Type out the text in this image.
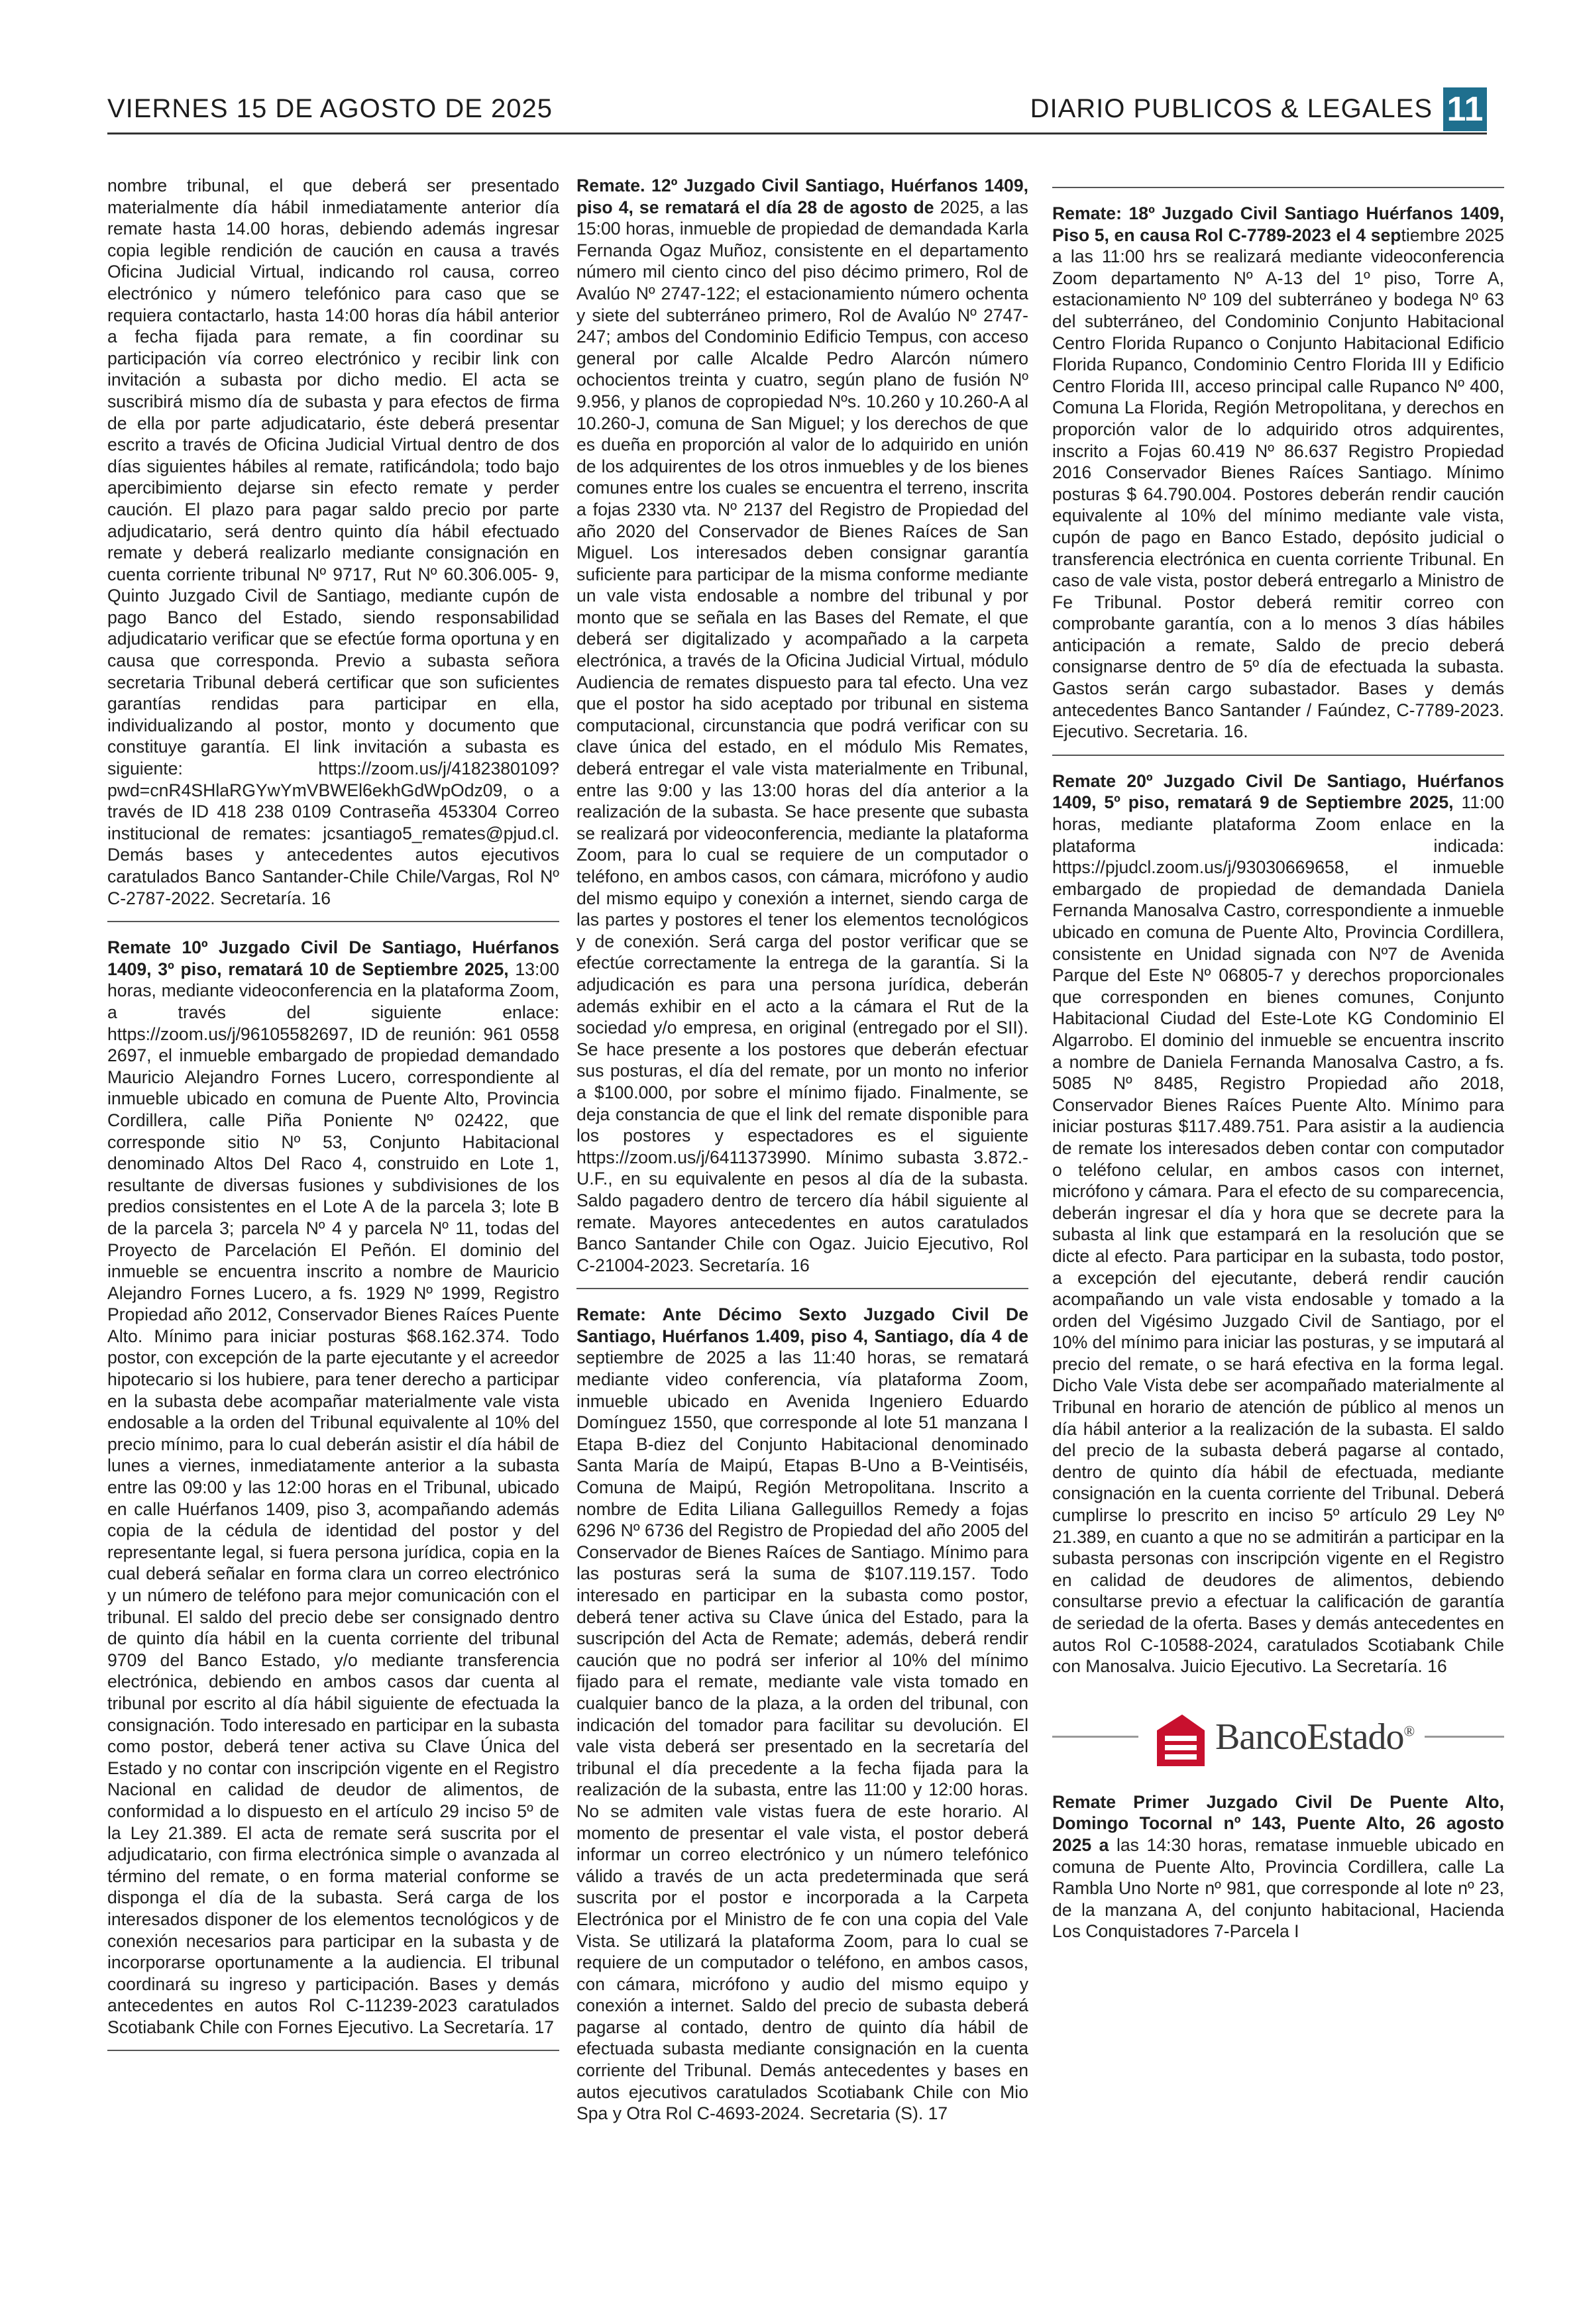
VIERNES 15 DE AGOSTO DE 2025	DIARIO PUBLICOS & LEGALES 11

nombre tribunal, el que deberá ser presentado materialmente día hábil inmediatamente anterior día remate hasta 14.00 horas, debiendo además ingresar copia legible rendición de caución en causa a través Oficina Judicial Virtual, indicando rol causa, correo electrónico y número telefónico para caso que se requiera contactarlo, hasta 14:00 horas día hábil anterior a fecha fijada para remate, a fin coordinar su participación vía correo electrónico y recibir link con invitación a subasta por dicho medio. El acta se suscribirá mismo día de subasta y para efectos de firma de ella por parte adjudicatario, éste deberá presentar escrito a través de Oficina Judicial Virtual dentro de dos días siguientes hábiles al remate, ratificándola; todo bajo apercibimiento dejarse sin efecto remate y perder caución. El plazo para pagar saldo precio por parte adjudicatario, será dentro quinto día hábil efectuado remate y deberá realizarlo mediante consignación en cuenta corriente tribunal Nº 9717, Rut Nº 60.306.005- 9, Quinto Juzgado Civil de Santiago, mediante cupón de pago Banco del Estado, siendo responsabilidad adjudicatario verificar que se efectúe forma oportuna y en causa que corresponda. Previo a subasta señora secretaria Tribunal deberá certificar que son suficientes garantías rendidas para participar en ella, individualizando al postor, monto y documento que constituye garantía. El link invitación a subasta es siguiente: https://zoom.us/j/4182380109?pwd=cnR4SHlaRGYwYmVBWEl6ekhGdWpOdz09, o a través de ID 418 238 0109 Contraseña 453304 Correo institucional de remates: jcsantiago5_remates@pjud.cl. Demás bases y antecedentes autos ejecutivos caratulados Banco Santander-Chile Chile/Vargas, Rol Nº C-2787-2022. Secretaría. 16

Remate 10º Juzgado Civil De Santiago, Huérfanos 1409, 3º piso, rematará 10 de Septiembre 2025, 13:00 horas, mediante videoconferencia en la plataforma Zoom, a través del siguiente enlace: https://zoom.us/j/96105582697, ID de reunión: 961 0558 2697, el inmueble embargado de propiedad demandado Mauricio Alejandro Fornes Lucero, correspondiente al inmueble ubicado en comuna de Puente Alto, Provincia Cordillera, calle Piña Poniente Nº 02422, que corresponde sitio Nº 53, Conjunto Habitacional denominado Altos Del Raco 4, construido en Lote 1, resultante de diversas fusiones y subdivisiones de los predios consistentes en el Lote A de la parcela 3; lote B de la parcela 3; parcela Nº 4 y parcela Nº 11, todas del Proyecto de Parcelación El Peñón. El dominio del inmueble se encuentra inscrito a nombre de Mauricio Alejandro Fornes Lucero, a fs. 1929 Nº 1999, Registro Propiedad año 2012, Conservador Bienes Raíces Puente Alto. Mínimo para iniciar posturas $68.162.374. Todo postor, con excepción de la parte ejecutante y el acreedor hipotecario si los hubiere, para tener derecho a participar en la subasta debe acompañar materialmente vale vista endosable a la orden del Tribunal equivalente al 10% del precio mínimo, para lo cual deberán asistir el día hábil de lunes a viernes, inmediatamente anterior a la subasta entre las 09:00 y las 12:00 horas en el Tribunal, ubicado en calle Huérfanos 1409, piso 3, acompañando además copia de la cédula de identidad del postor y del representante legal, si fuera persona jurídica, copia en la cual deberá señalar en forma clara un correo electrónico y un número de teléfono para mejor comunicación con el tribunal. El saldo del precio debe ser consignado dentro de quinto día hábil en la cuenta corriente del tribunal 9709 del Banco Estado, y/o mediante transferencia electrónica, debiendo en ambos casos dar cuenta al tribunal por escrito al día hábil siguiente de efectuada la consignación. Todo interesado en participar en la subasta como postor, deberá tener activa su Clave Única del Estado y no contar con inscripción vigente en el Registro Nacional en calidad de deudor de alimentos, de conformidad a lo dispuesto en el artículo 29 inciso 5º de la Ley 21.389. El acta de remate será suscrita por el adjudicatario, con firma electrónica simple o avanzada al término del remate, o en forma material conforme se disponga el día de la subasta. Será carga de los interesados disponer de los elementos tecnológicos y de conexión necesarios para participar en la subasta y de incorporarse oportunamente a la audiencia. El tribunal coordinará su ingreso y participación. Bases y demás antecedentes en autos Rol C-11239-2023 caratulados Scotiabank Chile con Fornes Ejecutivo. La Secretaría. 17

Remate. 12º Juzgado Civil Santiago, Huérfanos 1409, piso 4, se rematará el día 28 de agosto de 2025, a las 15:00 horas, inmueble de propiedad de demandada Karla Fernanda Ogaz Muñoz, consistente en el departamento número mil ciento cinco del piso décimo primero, Rol de Avalúo Nº 2747-122; el estacionamiento número ochenta y siete del subterráneo primero, Rol de Avalúo Nº 2747-247; ambos del Condominio Edificio Tempus, con acceso general por calle Alcalde Pedro Alarcón número ochocientos treinta y cuatro, según plano de fusión Nº 9.956, y planos de copropiedad Nºs. 10.260 y 10.260-A al 10.260-J, comuna de San Miguel; y los derechos de que es dueña en proporción al valor de lo adquirido en unión de los adquirentes de los otros inmuebles y de los bienes comunes entre los cuales se encuentra el terreno, inscrita a fojas 2330 vta. Nº 2137 del Registro de Propiedad del año 2020 del Conservador de Bienes Raíces de San Miguel. Los interesados deben consignar garantía suficiente para participar de la misma conforme mediante un vale vista endosable a nombre del tribunal y por monto que se señala en las Bases del Remate, el que deberá ser digitalizado y acompañado a la carpeta electrónica, a través de la Oficina Judicial Virtual, módulo Audiencia de remates dispuesto para tal efecto. Una vez que el postor ha sido aceptado por tribunal en sistema computacional, circunstancia que podrá verificar con su clave única del estado, en el módulo Mis Remates, deberá entregar el vale vista materialmente en Tribunal, entre las 9:00 y las 13:00 horas del día anterior a la realización de la subasta. Se hace presente que subasta se realizará por videoconferencia, mediante la plataforma Zoom, para lo cual se requiere de un computador o teléfono, en ambos casos, con cámara, micrófono y audio del mismo equipo y conexión a internet, siendo carga de las partes y postores el tener los elementos tecnológicos y de conexión. Será carga del postor verificar que se efectúe correctamente la entrega de la garantía. Si la adjudicación es para una persona jurídica, deberán además exhibir en el acto a la cámara el Rut de la sociedad y/o empresa, en original (entregado por el SII). Se hace presente a los postores que deberán efectuar sus posturas, el día del remate, por un monto no inferior a $100.000, por sobre el mínimo fijado. Finalmente, se deja constancia de que el link del remate disponible para los postores y espectadores es el siguiente https://zoom.us/j/6411373990. Mínimo subasta 3.872.- U.F., en su equivalente en pesos al día de la subasta. Saldo pagadero dentro de tercero día hábil siguiente al remate. Mayores antecedentes en autos caratulados Banco Santander Chile con Ogaz. Juicio Ejecutivo, Rol C-21004-2023. Secretaría. 16

Remate: Ante Décimo Sexto Juzgado Civil De Santiago, Huérfanos 1.409, piso 4, Santiago, día 4 de septiembre de 2025 a las 11:40 horas, se rematará mediante video conferencia, vía plataforma Zoom, inmueble ubicado en Avenida Ingeniero Eduardo Domínguez 1550, que corresponde al lote 51 manzana I Etapa B-diez del Conjunto Habitacional denominado Santa María de Maipú, Etapas B-Uno a B-Veintiséis, Comuna de Maipú, Región Metropolitana. Inscrito a nombre de Edita Liliana Galleguillos Remedy a fojas 6296 Nº 6736 del Registro de Propiedad del año 2005 del Conservador de Bienes Raíces de Santiago. Mínimo para las posturas será la suma de $107.119.157. Todo interesado en participar en la subasta como postor, deberá tener activa su Clave única del Estado, para la suscripción del Acta de Remate; además, deberá rendir caución que no podrá ser inferior al 10% del mínimo fijado para el remate, mediante vale vista tomado en cualquier banco de la plaza, a la orden del tribunal, con indicación del tomador para facilitar su devolución. El vale vista deberá ser presentado en la secretaría del tribunal el día precedente a la fecha fijada para la realización de la subasta, entre las 11:00 y 12:00 horas. No se admiten vale vistas fuera de este horario. Al momento de presentar el vale vista, el postor deberá informar un correo electrónico y un número telefónico válido a través de un acta predeterminada que será suscrita por el postor e incorporada a la Carpeta Electrónica por el Ministro de fe con una copia del Vale Vista. Se utilizará la plataforma Zoom, para lo cual se requiere de un computador o teléfono, en ambos casos, con cámara, micrófono y audio del mismo equipo y conexión a internet. Saldo del precio de subasta deberá pagarse al contado, dentro de quinto día hábil de efectuada subasta mediante consignación en la cuenta corriente del Tribunal. Demás antecedentes y bases en autos ejecutivos caratulados Scotiabank Chile con Mio Spa y Otra Rol C-4693-2024. Secretaria (S). 17

Remate: 18º Juzgado Civil Santiago Huérfanos 1409, Piso 5, en causa Rol C-7789-2023 el 4 septiembre 2025 a las 11:00 hrs se realizará mediante videoconferencia Zoom departamento Nº A-13 del 1º piso, Torre A, estacionamiento Nº 109 del subterráneo y bodega Nº 63 del subterráneo, del Condominio Conjunto Habitacional Centro Florida Rupanco o Conjunto Habitacional Edificio Florida Rupanco, Condominio Centro Florida III y Edificio Centro Florida III, acceso principal calle Rupanco Nº 400, Comuna La Florida, Región Metropolitana, y derechos en proporción valor de lo adquirido otros adquirentes, inscrito a Fojas 60.419 Nº 86.637 Registro Propiedad 2016 Conservador Bienes Raíces Santiago. Mínimo posturas $ 64.790.004. Postores deberán rendir caución equivalente al 10% del mínimo mediante vale vista, cupón de pago en Banco Estado, depósito judicial o transferencia electrónica en cuenta corriente Tribunal. En caso de vale vista, postor deberá entregarlo a Ministro de Fe Tribunal. Postor deberá remitir correo con comprobante garantía, con a lo menos 3 días hábiles anticipación a remate, Saldo de precio deberá consignarse dentro de 5º día de efectuada la subasta. Gastos serán cargo subastador. Bases y demás antecedentes Banco Santander / Faúndez, C-7789-2023. Ejecutivo. Secretaria. 16.

Remate 20º Juzgado Civil De Santiago, Huérfanos 1409, 5º piso, rematará 9 de Septiembre 2025, 11:00 horas, mediante plataforma Zoom enlace en la plataforma indicada: https://pjudcl.zoom.us/j/93030669658, el inmueble embargado de propiedad de demandada Daniela Fernanda Manosalva Castro, correspondiente a inmueble ubicado en comuna de Puente Alto, Provincia Cordillera, consistente en Unidad signada con Nº7 de Avenida Parque del Este Nº 06805-7 y derechos proporcionales que corresponden en bienes comunes, Conjunto Habitacional Ciudad del Este-Lote KG Condominio El Algarrobo. El dominio del inmueble se encuentra inscrito a nombre de Daniela Fernanda Manosalva Castro, a fs. 5085 Nº 8485, Registro Propiedad año 2018, Conservador Bienes Raíces Puente Alto. Mínimo para iniciar posturas $117.489.751. Para asistir a la audiencia de remate los interesados deben contar con computador o teléfono celular, en ambos casos con internet, micrófono y cámara. Para el efecto de su comparecencia, deberán ingresar el día y hora que se decrete para la subasta al link que estampará en la resolución que se dicte al efecto. Para participar en la subasta, todo postor, a excepción del ejecutante, deberá rendir caución acompañando un vale vista endosable y tomado a la orden del Vigésimo Juzgado Civil de Santiago, por el 10% del mínimo para iniciar las posturas, y se imputará al precio del remate, o se hará efectiva en la forma legal. Dicho Vale Vista debe ser acompañado materialmente al Tribunal en horario de atención de público al menos un día hábil anterior a la realización de la subasta. El saldo del precio de la subasta deberá pagarse al contado, dentro de quinto día hábil de efectuada, mediante consignación en la cuenta corriente del Tribunal. Deberá cumplirse lo prescrito en inciso 5º artículo 29 Ley Nº 21.389, en cuanto a que no se admitirán a participar en la subasta personas con inscripción vigente en el Registro en calidad de deudores de alimentos, debiendo consultarse previo a efectuar la calificación de garantía de seriedad de la oferta. Bases y demás antecedentes en autos Rol C-10588-2024, caratulados Scotiabank Chile con Manosalva. Juicio Ejecutivo. La Secretaría. 16

BancoEstado®

Remate Primer Juzgado Civil De Puente Alto, Domingo Tocornal nº 143, Puente Alto, 26 agosto 2025 a las 14:30 horas, rematase inmueble ubicado en comuna de Puente Alto, Provincia Cordillera, calle La Rambla Uno Norte nº 981, que corresponde al lote nº 23, de la manzana A, del conjunto habitacional, Hacienda Los Conquistadores 7-Parcela I
